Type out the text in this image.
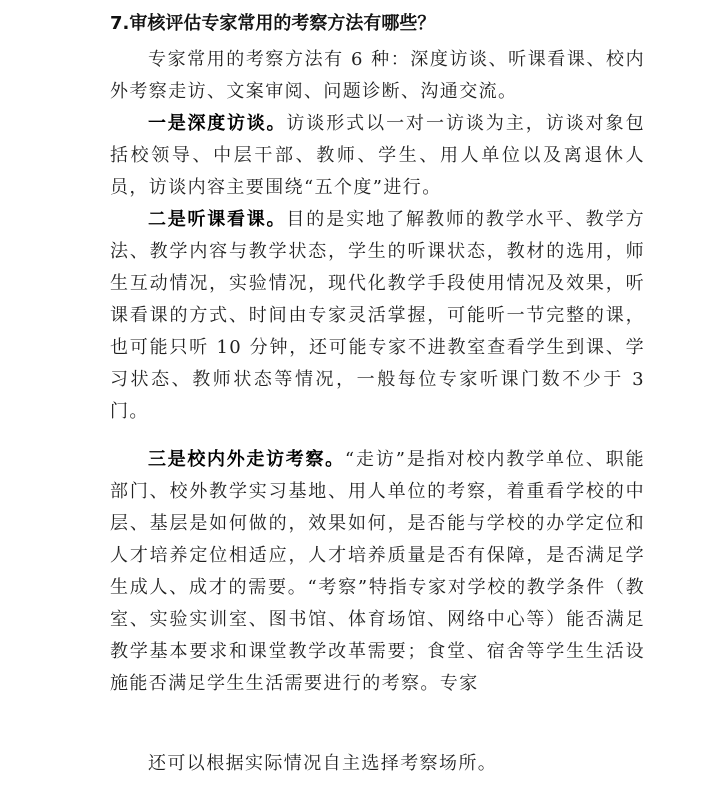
7.审核评估专家常用的考察方法有哪些？

专家常用的考察方法有 6 种：深度访谈、听课看课、校内外考察走访、文案审阅、问题诊断、沟通交流。

一是深度访谈。访谈形式以一对一访谈为主，访谈对象包括校领导、中层干部、教师、学生、用人单位以及离退休人员，访谈内容主要围绕“五个度”进行。

二是听课看课。目的是实地了解教师的教学水平、教学方法、教学内容与教学状态，学生的听课状态，教材的选用，师生互动情况，实验情况，现代化教学手段使用情况及效果，听课看课的方式、时间由专家灵活掌握，可能听一节完整的课，也可能只听 10 分钟，还可能专家不进教室查看学生到课、学习状态、教师状态等情况，一般每位专家听课门数不少于 3 门。

三是校内外走访考察。“走访”是指对校内教学单位、职能部门、校外教学实习基地、用人单位的考察，着重看学校的中层、基层是如何做的，效果如何，是否能与学校的办学定位和人才培养定位相适应，人才培养质量是否有保障，是否满足学生成人、成才的需要。“考察”特指专家对学校的教学条件（教室、实验实训室、图书馆、体育场馆、网络中心等）能否满足教学基本要求和课堂教学改革需要；食堂、宿舍等学生生活设施能否满足学生生活需要进行的考察。专家

还可以根据实际情况自主选择考察场所。
